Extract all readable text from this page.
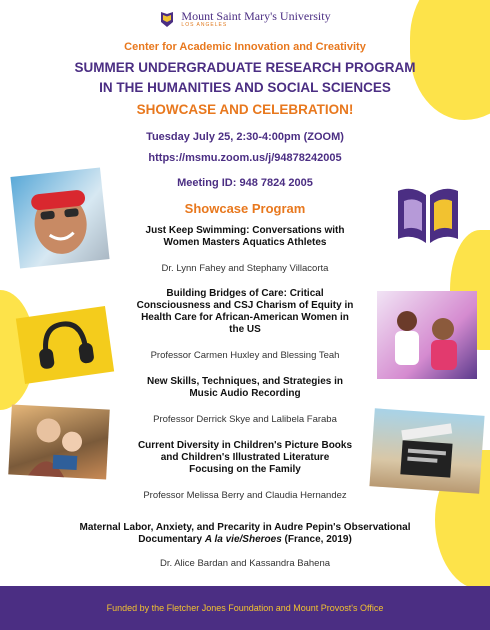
Mount Saint Mary's University
LOS ANGELES
Center for Academic Innovation and Creativity
SUMMER UNDERGRADUATE RESEARCH PROGRAM
IN THE HUMANITIES AND SOCIAL SCIENCES
SHOWCASE AND CELEBRATION!
Tuesday July 25, 2:30-4:00pm (ZOOM)
https://msmu.zoom.us/j/94878242005
Meeting ID: 948 7824 2005
Showcase Program
Just Keep Swimming: Conversations with
Women Masters Aquatics Athletes
Dr. Lynn Fahey and Stephany Villacorta
Building Bridges of Care: Critical
Consciousness and CSJ Charism of Equity in
Health Care for African-American Women in
the US
Professor Carmen Huxley and Blessing Teah
New Skills, Techniques, and Strategies in
Music Audio Recording
Professor Derrick Skye and Lalibela Faraba
Current Diversity in Children's Picture Books
and Children's Illustrated Literature
Focusing on the Family
Professor Melissa Berry and Claudia Hernandez
Maternal Labor, Anxiety, and Precarity in Audre Pepin's Observational
Documentary A la vie/Sheroes (France, 2019)
Dr. Alice Bardan and Kassandra Bahena
Funded by the Fletcher Jones Foundation and Mount Provost's Office
